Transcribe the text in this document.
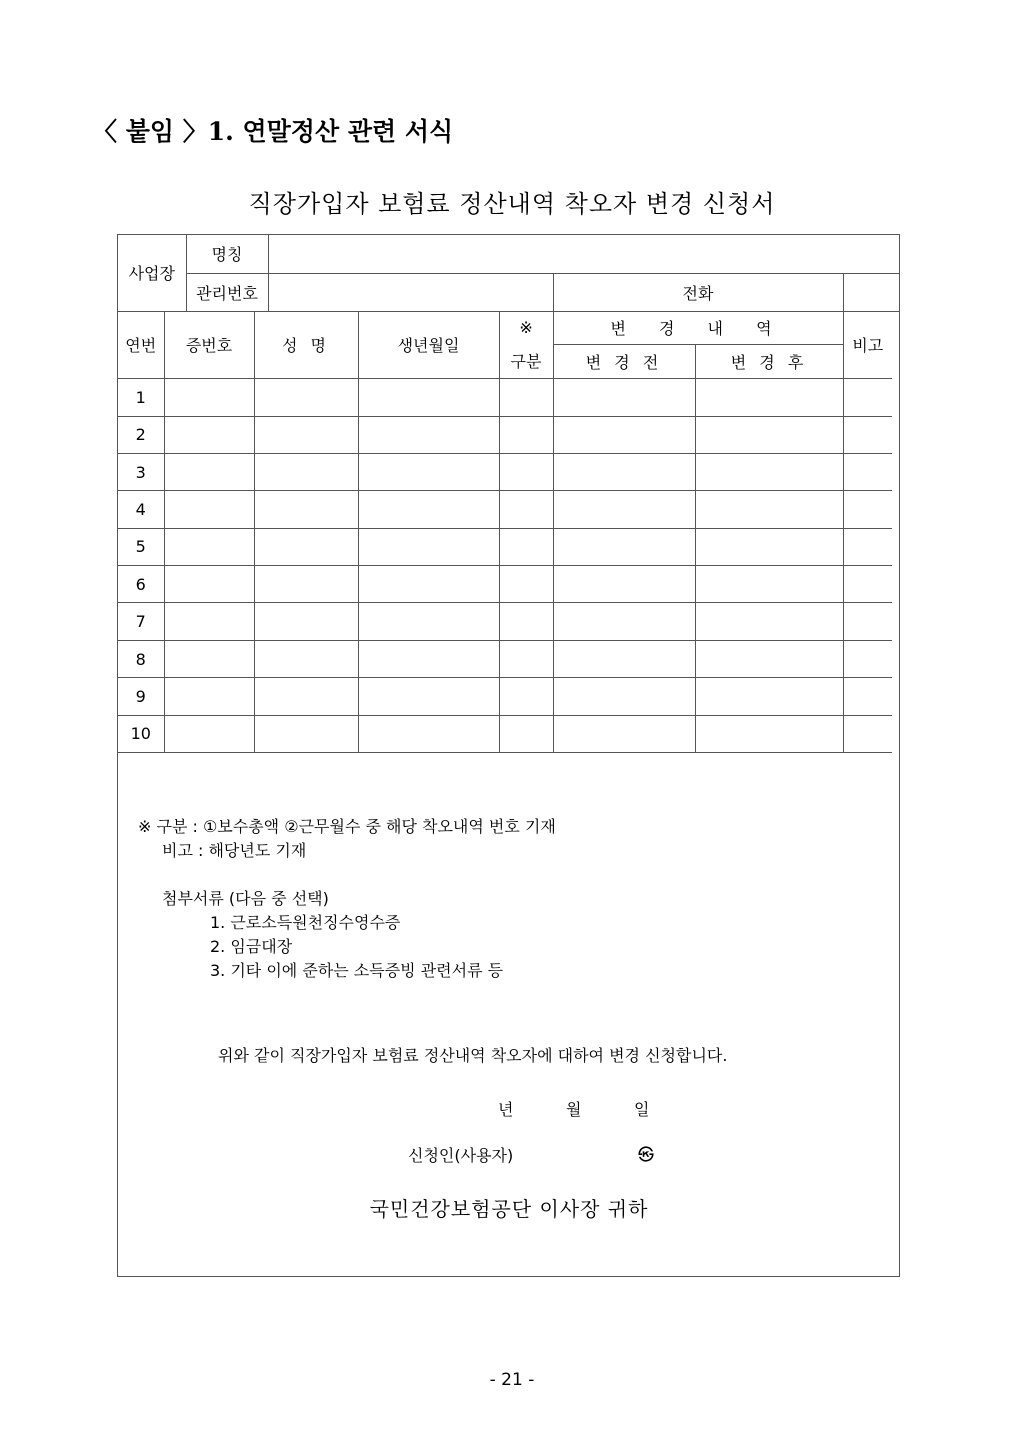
〈 붙임 〉1. 연말정산 관련 서식
직장가입자 보험료 정산내역 착오자 변경 신청서
사업장		명칭							
		관리번호					전화		
연번	증번호		성 명		생년월일	※	변 경 내 역		비고
						구분	변 경 전	변 경 후	
1									
2									
3									
4									
5									
6									
7									
8									
9									
10									
※ 구분 : ①보수총액 ②근무월수 중 해당 착오내역 번호 기재
비고 : 해당년도 기재
첨부서류 (다음 중 선택)
1. 근로소득원천징수영수증
2. 임금대장
3. 기타 이에 준하는 소득증빙 관련서류 등
위와 같이 직장가입자 보험료 정산내역 착오자에 대하여 변경 신청합니다.
년	월	일
신청인(사용자)	㉿
국민건강보험공단 이사장 귀하
- 21 -
